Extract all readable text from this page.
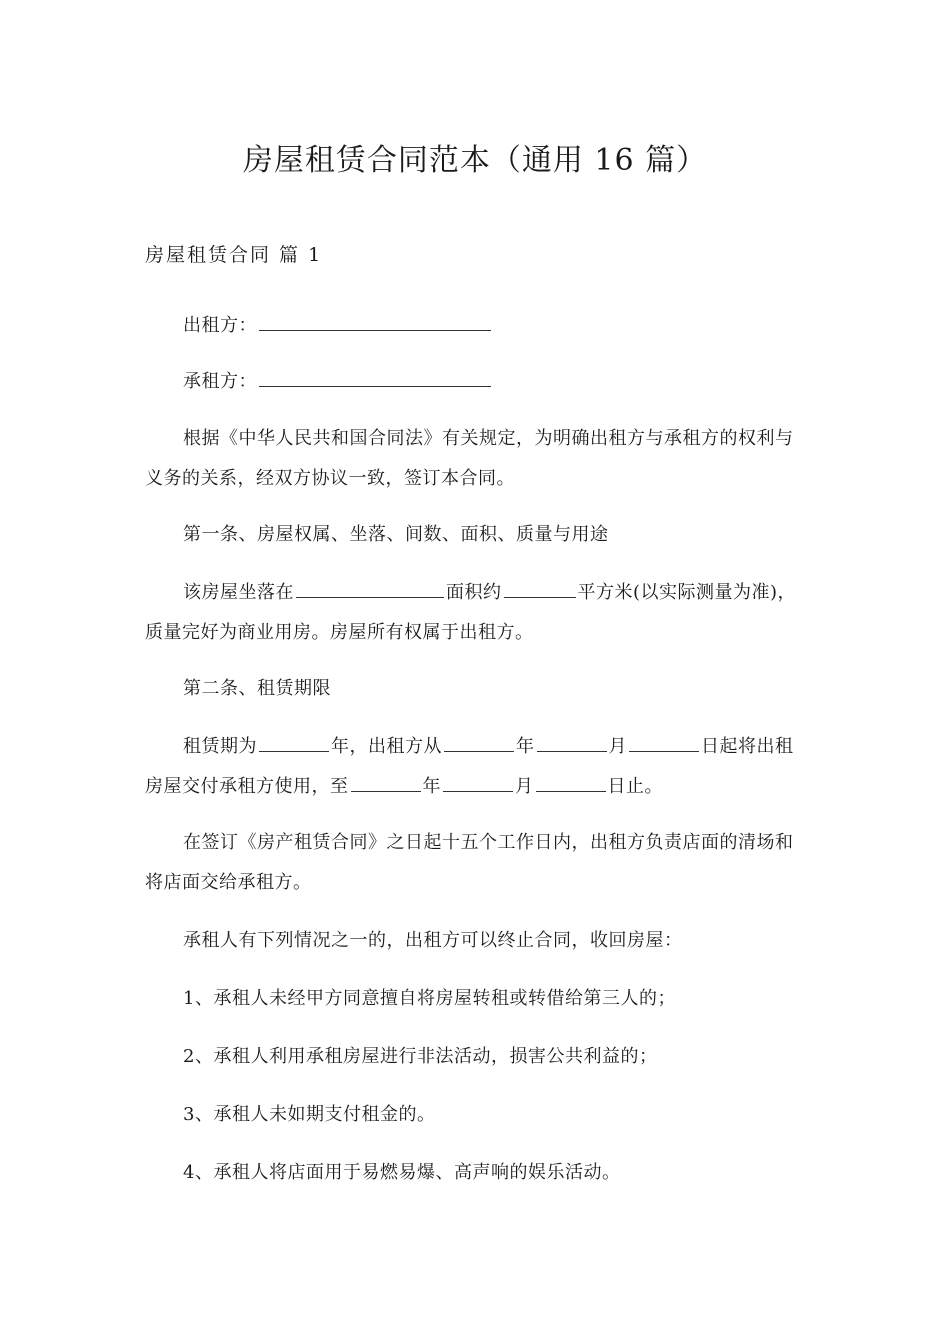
房屋租赁合同范本（通用 16 篇）
房屋租赁合同 篇 1
出租方：
承租方：
根据《中华人民共和国合同法》有关规定，为明确出租方与承租方的权利与
义务的关系，经双方协议一致，签订本合同。
第一条、房屋权属、坐落、间数、面积、质量与用途
该房屋坐落在	面积约	平方米(以实际测量为准)，
质量完好为商业用房。房屋所有权属于出租方。
第二条、租赁期限
租赁期为	年，出租方从	年	月	日起将出租
房屋交付承租方使用，至	年	月	日止。
在签订《房产租赁合同》之日起十五个工作日内，出租方负责店面的清场和
将店面交给承租方。
承租人有下列情况之一的，出租方可以终止合同，收回房屋：
1、承租人未经甲方同意擅自将房屋转租或转借给第三人的；
2、承租人利用承租房屋进行非法活动，损害公共利益的；
3、承租人未如期支付租金的。
4、承租人将店面用于易燃易爆、高声响的娱乐活动。
